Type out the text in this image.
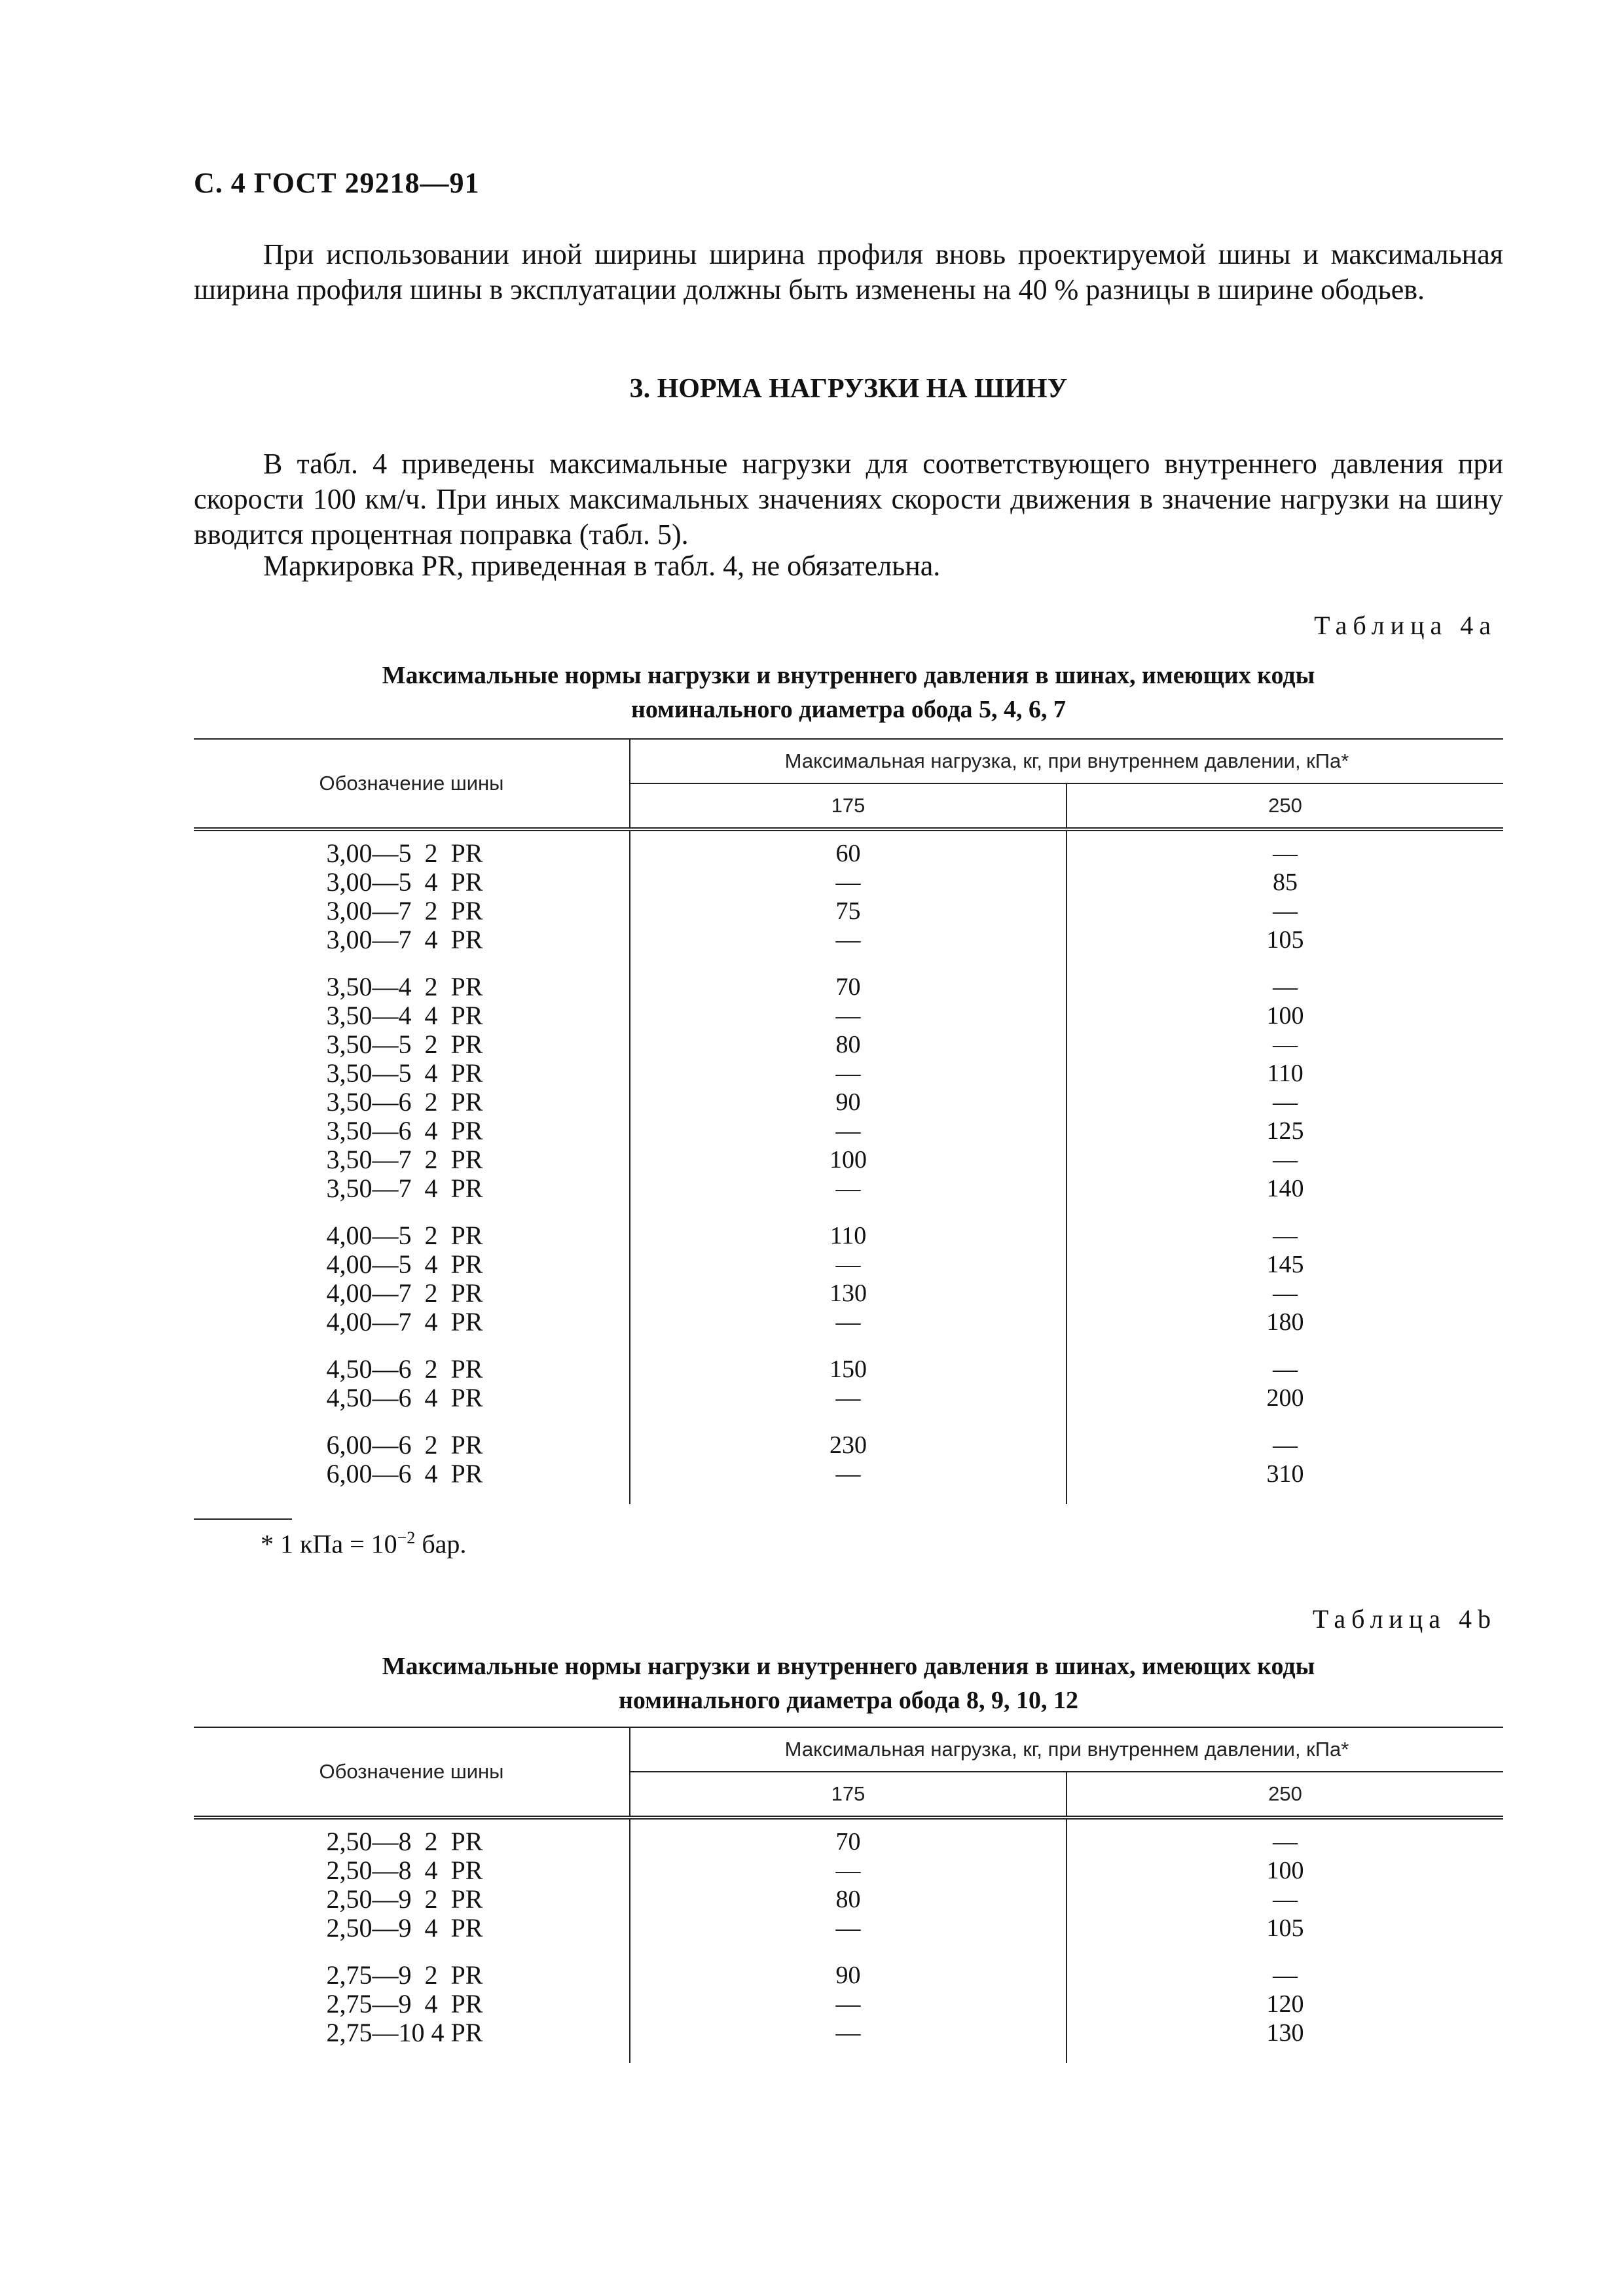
С. 4 ГОСТ 29218—91
При использовании иной ширины ширина профиля вновь проектируемой шины и максимальная ширина профиля шины в эксплуатации должны быть изменены на 40 % разницы в ширине ободьев.
3. НОРМА НАГРУЗКИ НА ШИНУ
В табл. 4 приведены максимальные нагрузки для соответствующего внутреннего давления при скорости 100 км/ч. При иных максимальных значениях скорости движения в значение нагрузки на шину вводится процентная поправка (табл. 5).
Маркировка PR, приведенная в табл. 4, не обязательна.
Таблица 4а
Максимальные нормы нагрузки и внутреннего давления в шинах, имеющих коды
номинального диаметра обода 5, 4, 6, 7
Обозначение шины	Максимальная нагрузка, кг, при внутреннем давлении, кПа*	
	175	250
3,00—5  2  PR	60	—
3,00—5  4  PR	—	85
3,00—7  2  PR	75	—
3,00—7  4  PR	—	105

3,50—4  2  PR	70	—
3,50—4  4  PR	—	100
3,50—5  2  PR	80	—
3,50—5  4  PR	—	110
3,50—6  2  PR	90	—
3,50—6  4  PR	—	125
3,50—7  2  PR	100	—
3,50—7  4  PR	—	140

4,00—5  2  PR	110	—
4,00—5  4  PR	—	145
4,00—7  2  PR	130	—
4,00—7  4  PR	—	180

4,50—6  2  PR	150	—
4,50—6  4  PR	—	200

6,00—6  2  PR	230	—
6,00—6  4  PR	—	310

* 1 кПа = $10^{-2}$ бар.
Таблица 4b
Максимальные нормы нагрузки и внутреннего давления в шинах, имеющих коды
номинального диаметра обода 8, 9, 10, 12
Обозначение шины	Максимальная нагрузка, кг, при внутреннем давлении, кПа*	
	175	250
2,50—8  2  PR	70	—
2,50—8  4  PR	—	100
2,50—9  2  PR	80	—
2,50—9  4  PR	—	105

2,75—9  2  PR	90	—
2,75—9  4  PR	—	120
2,75—10 4 PR	—	130
